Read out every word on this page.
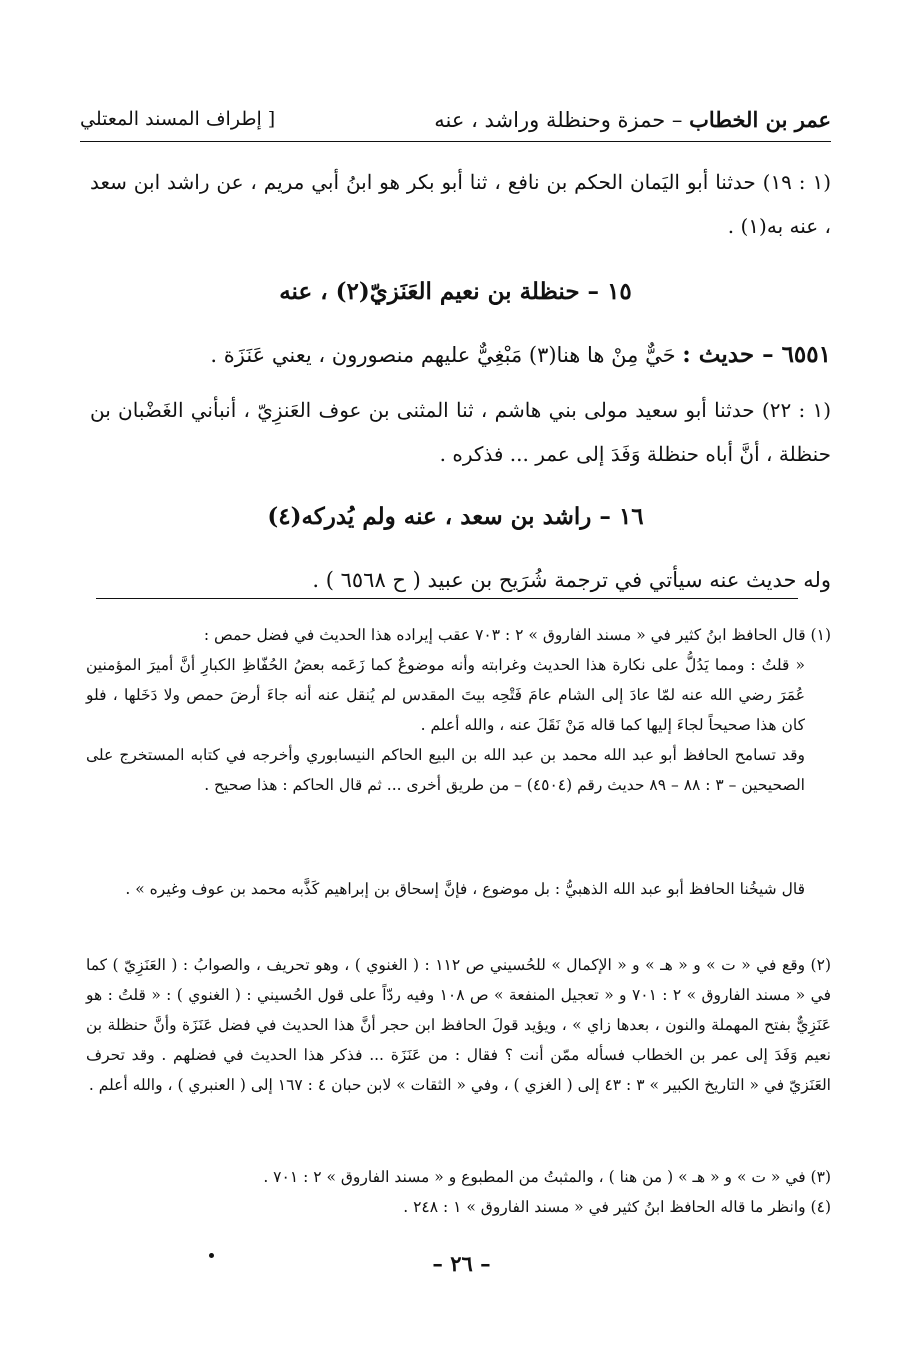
عمر بن الخطاب – حمزة وحنظلة وراشد ، عنه
[ إطراف المسند المعتلي
(١ : ١٩) حدثنا أبو اليَمان الحكم بن نافع ، ثنا أبو بكر هو ابنُ أبي مريم ، عن راشد ابن سعد ، عنه به(١) .
١٥ – حنظلة بن نعيم العَنَزيّ(٢) ، عنه
٦٥٥١ – حديث : حَيٌّ مِنْ ها هنا(٣) مَبْغِيٌّ عليهم منصورون ، يعني عَنَزَة .
(١ : ٢٢) حدثنا أبو سعيد مولى بني هاشم ، ثنا المثنى بن عوف العَنزِيّ ، أنبأني الغَضْبان بن حنظلة ، أنَّ أباه حنظلة وَفَدَ إلى عمر ... فذكره .
١٦ – راشد بن سعد ، عنه ولم يُدركه(٤)
وله حديث عنه سيأتي في ترجمة شُرَيح بن عبيد ( ح ٦٥٦٨ ) .
(١) قال الحافظ ابنُ كثير في « مسند الفاروق » ٢ : ٧٠٣ عقب إيراده هذا الحديث في فضل حمص :
« قلتُ : ومما يَدُلُّ على نكارة هذا الحديث وغرابته وأنه موضوعٌ كما زَعَمه بعضُ الحُفّاظِ الكبارِ أنَّ أميرَ المؤمنين عُمَرَ رضي الله عنه لمّا عادَ إلى الشام عامَ فَتْحِه بيتَ المقدس لم يُنقل عنه أنه جاءَ أرضَ حمص ولا دَخَلها ، فلو كان هذا صحيحاً لجاءَ إليها كما قاله مَنْ نَقَلَ عنه ، والله أعلم .
وقد تسامح الحافظ أبو عبد الله محمد بن عبد الله بن البيع الحاكم النيسابوري وأخرجه في كتابه المستخرج على الصحيحين – ٣ : ٨٨ – ٨٩ حديث رقم (٤٥٠٤) – من طريق أخرى ... ثم قال الحاكم : هذا صحيح .
قال شيخُنا الحافظ أبو عبد الله الذهبيُّ : بل موضوع ، فإنَّ إسحاق بن إبراهيم كَذَّبه محمد بن عوف وغيره » .
(٢) وقع في « ت » و « هـ » و « الإكمال » للحُسيني ص ١١٢ : ( الغنوي ) ، وهو تحريف ، والصوابُ : ( العَنَزِيّ ) كما في « مسند الفاروق » ٢ : ٧٠١ و « تعجيل المنفعة » ص ١٠٨ وفيه ردّاً على قول الحُسيني : ( الغنوي ) : « قلتُ : هو عَنَزِيٌّ بفتح المهملة والنون ، بعدها زاي » ، ويؤيد قولَ الحافظ ابن حجر أنَّ هذا الحديث في فضل عَنَزَة وأنَّ حنظلة بن نعيم وَفَدَ إلى عمر بن الخطاب فسأله ممّن أنت ؟ فقال : من عَنَزَة ... فذكر هذا الحديث في فضلهم . وقد تحرف العَنَزيّ في « التاريخ الكبير » ٣ : ٤٣ إلى ( الغزي ) ، وفي « الثقات » لابن حبان ٤ : ١٦٧ إلى ( العنبري ) ، والله أعلم .
(٣) في « ت » و « هـ » ( من هنا ) ، والمثبتُ من المطبوع و « مسند الفاروق » ٢ : ٧٠١ .
(٤) وانظر ما قاله الحافظ ابنُ كثير في « مسند الفاروق » ١ : ٢٤٨ .
– ٢٦ –
